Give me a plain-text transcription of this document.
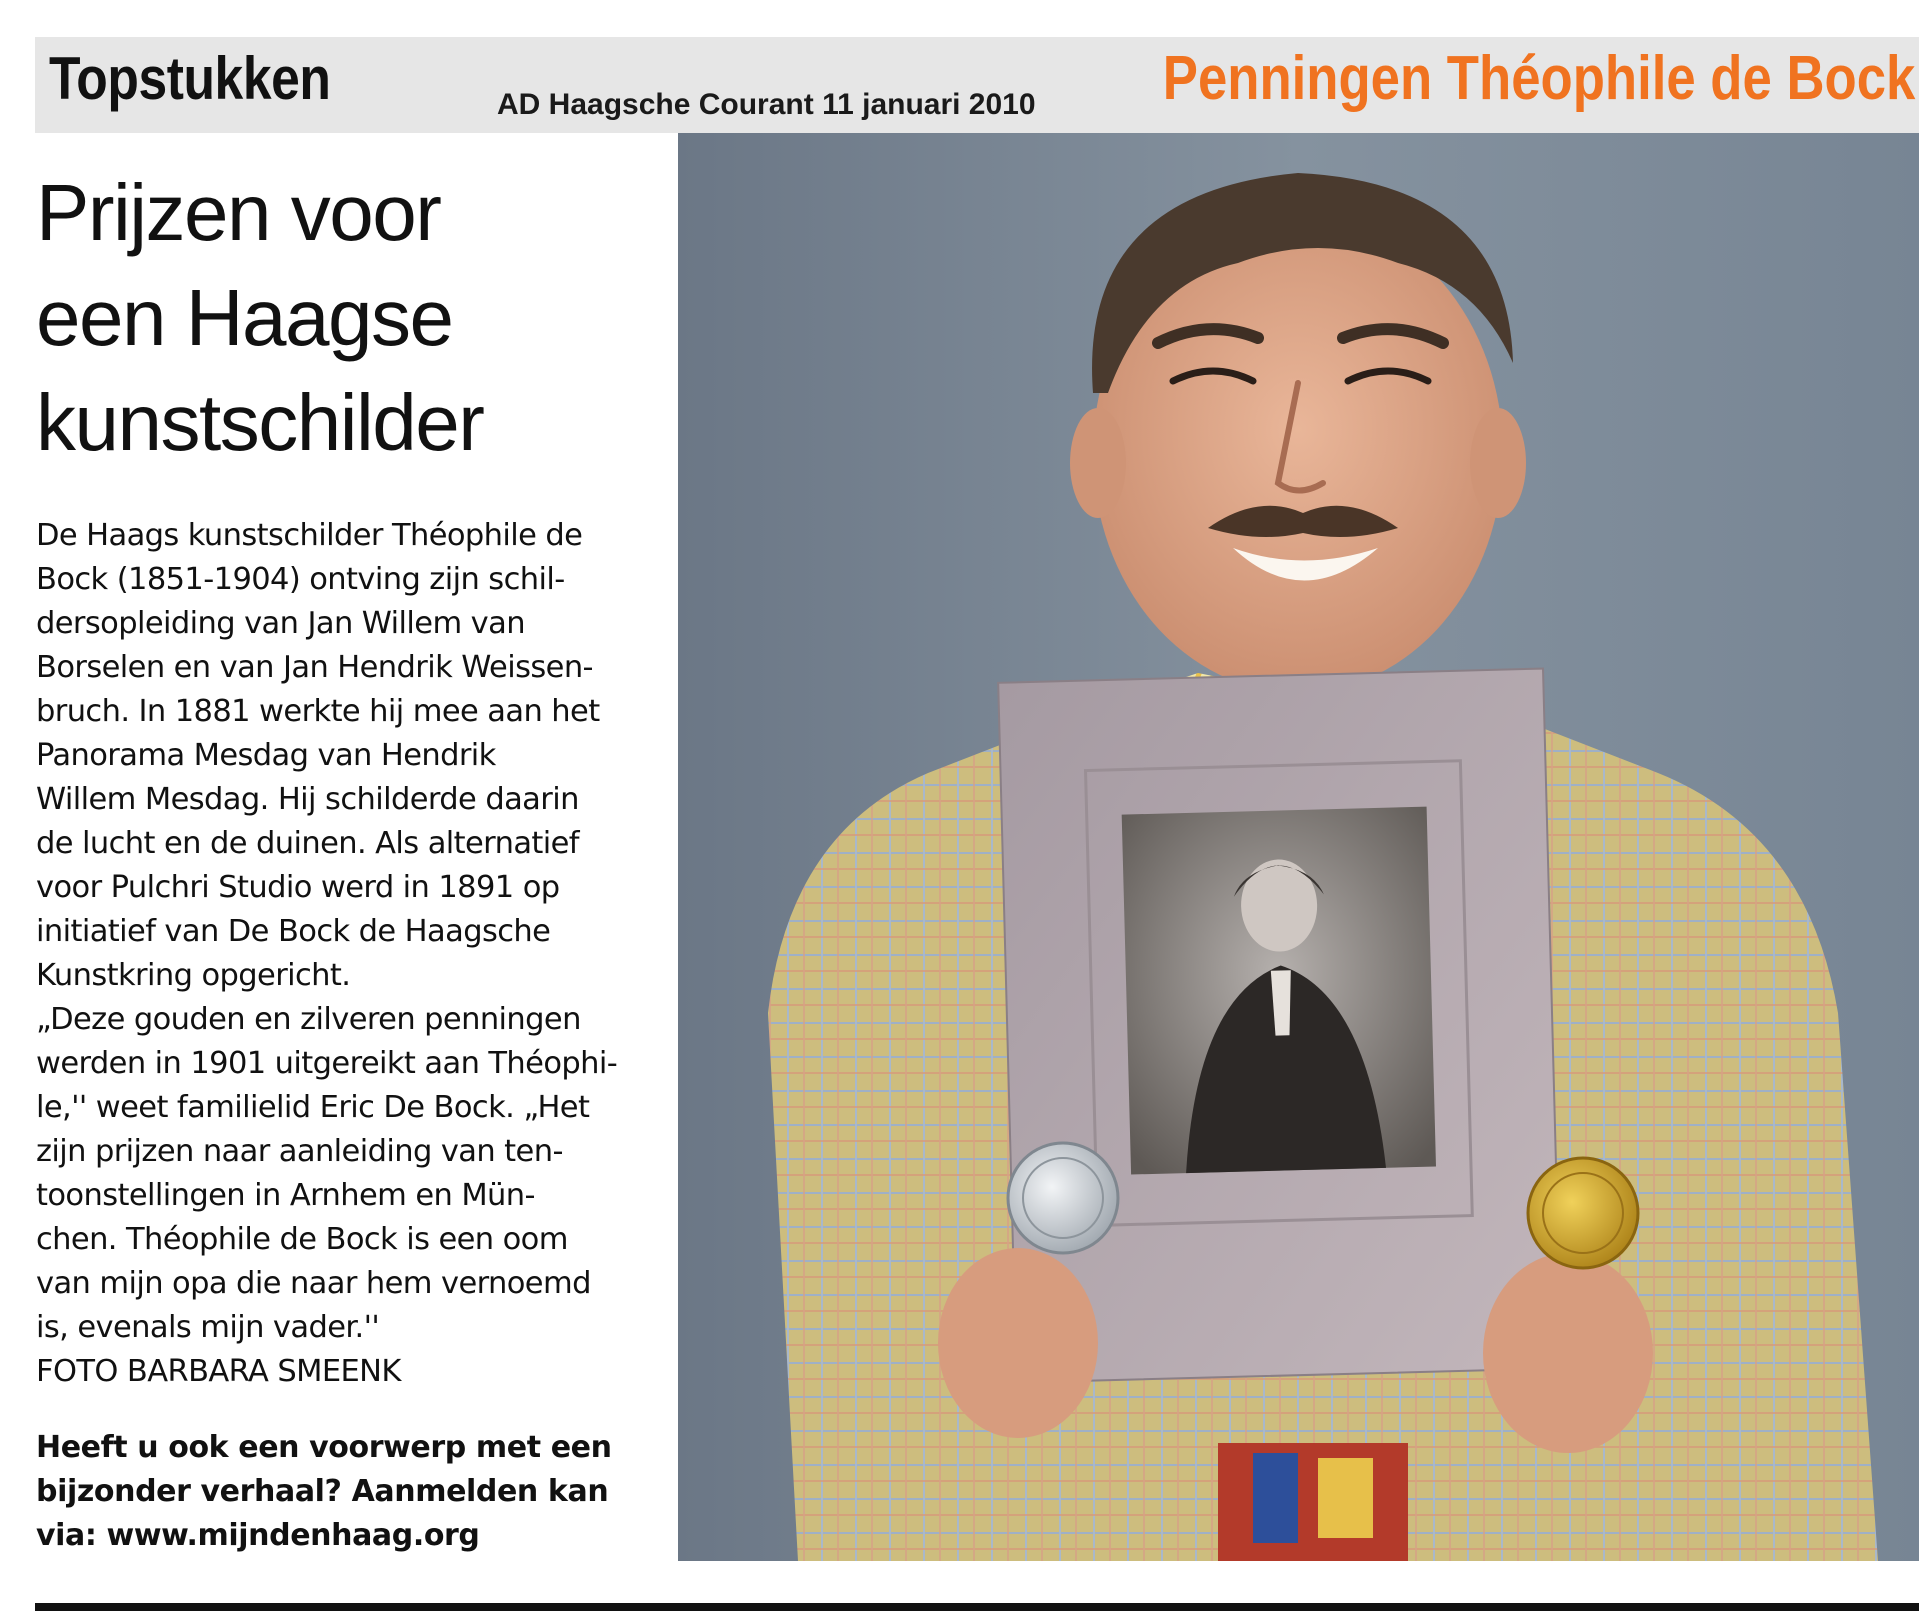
Topstukken	AD Haagsche Courant 11 januari 2010 Penningen Théophile de Bock
Prijzen voor
een Haagse
kunstschilder
De Haags kunstschilder Théophile de
Bock (1851-1904) ontving zijn schil-
dersopleiding van Jan Willem van
Borselen en van Jan Hendrik Weissen-
bruch. In 1881 werkte hij mee aan het
Panorama Mesdag van Hendrik
Willem Mesdag. Hij schilderde daarin
de lucht en de duinen. Als alternatief
voor Pulchri Studio werd in 1891 op
initiatief van De Bock de Haagsche
Kunstkring opgericht.
„Deze gouden en zilveren penningen
werden in 1901 uitgereikt aan Théophi-
le,'' weet familielid Eric De Bock. „Het
zijn prijzen naar aanleiding van ten-
toonstellingen in Arnhem en Mün-
chen. Théophile de Bock is een oom
van mijn opa die naar hem vernoemd
is, evenals mijn vader.''
FOTO BARBARA SMEENK
Heeft u ook een voorwerp met een
bijzonder verhaal? Aanmelden kan
via: www.mijndenhaag.org
